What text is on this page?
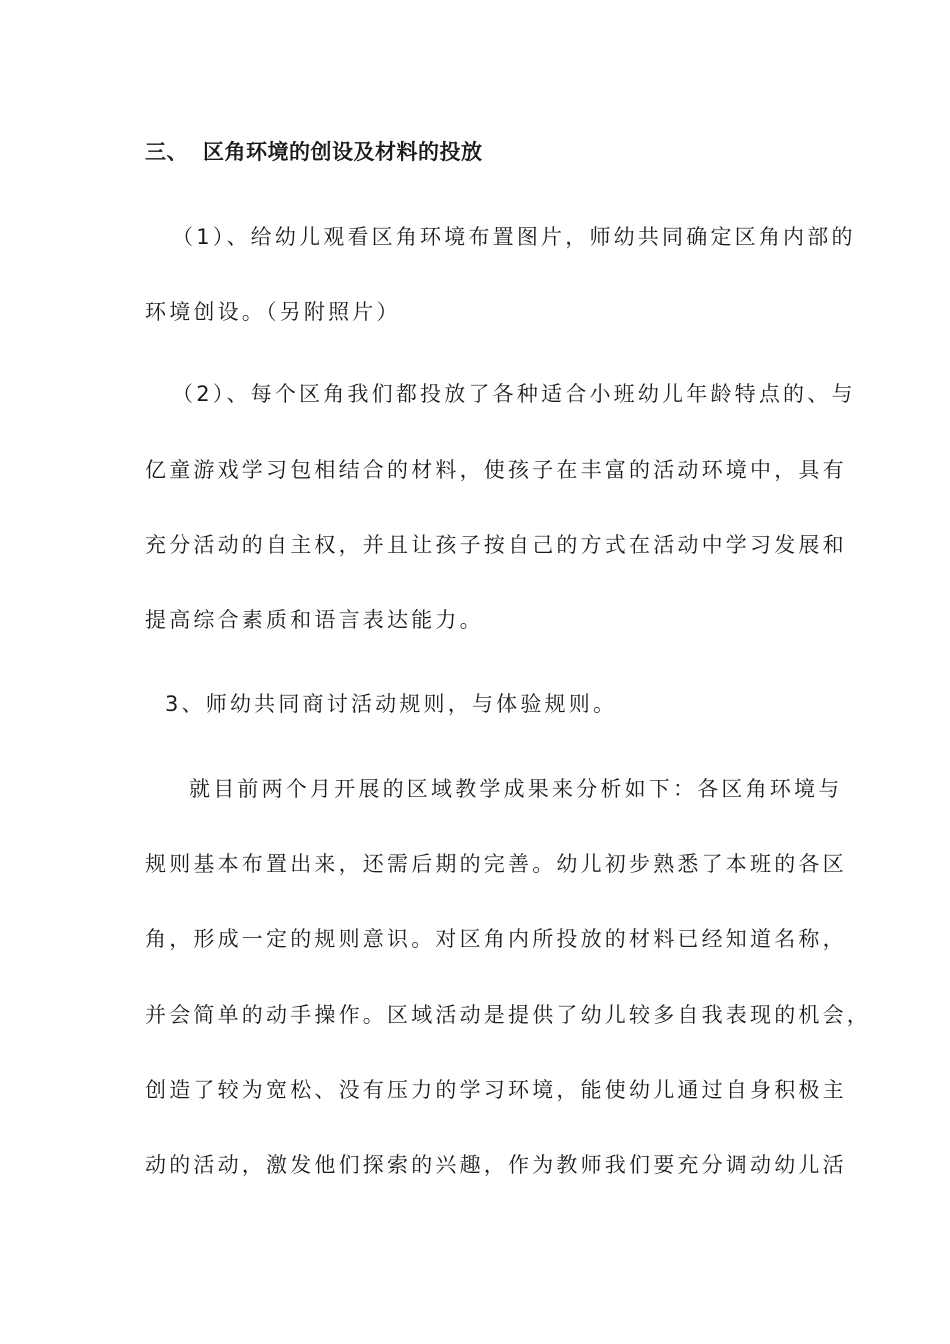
三、 区角环境的创设及材料的投放
（1）、给幼儿观看区角环境布置图片，师幼共同确定区角内部的
环境创设。（另附照片）
（2）、每个区角我们都投放了各种适合小班幼儿年龄特点的、与
亿童游戏学习包相结合的材料，使孩子在丰富的活动环境中，具有
充分活动的自主权，并且让孩子按自己的方式在活动中学习发展和
提高综合素质和语言表达能力。
3、师幼共同商讨活动规则，与体验规则。
就目前两个月开展的区域教学成果来分析如下：各区角环境与
规则基本布置出来，还需后期的完善。幼儿初步熟悉了本班的各区
角，形成一定的规则意识。对区角内所投放的材料已经知道名称，
并会简单的动手操作。区域活动是提供了幼儿较多自我表现的机会，
创造了较为宽松、没有压力的学习环境，能使幼儿通过自身积极主
动的活动，激发他们探索的兴趣，作为教师我们要充分调动幼儿活
